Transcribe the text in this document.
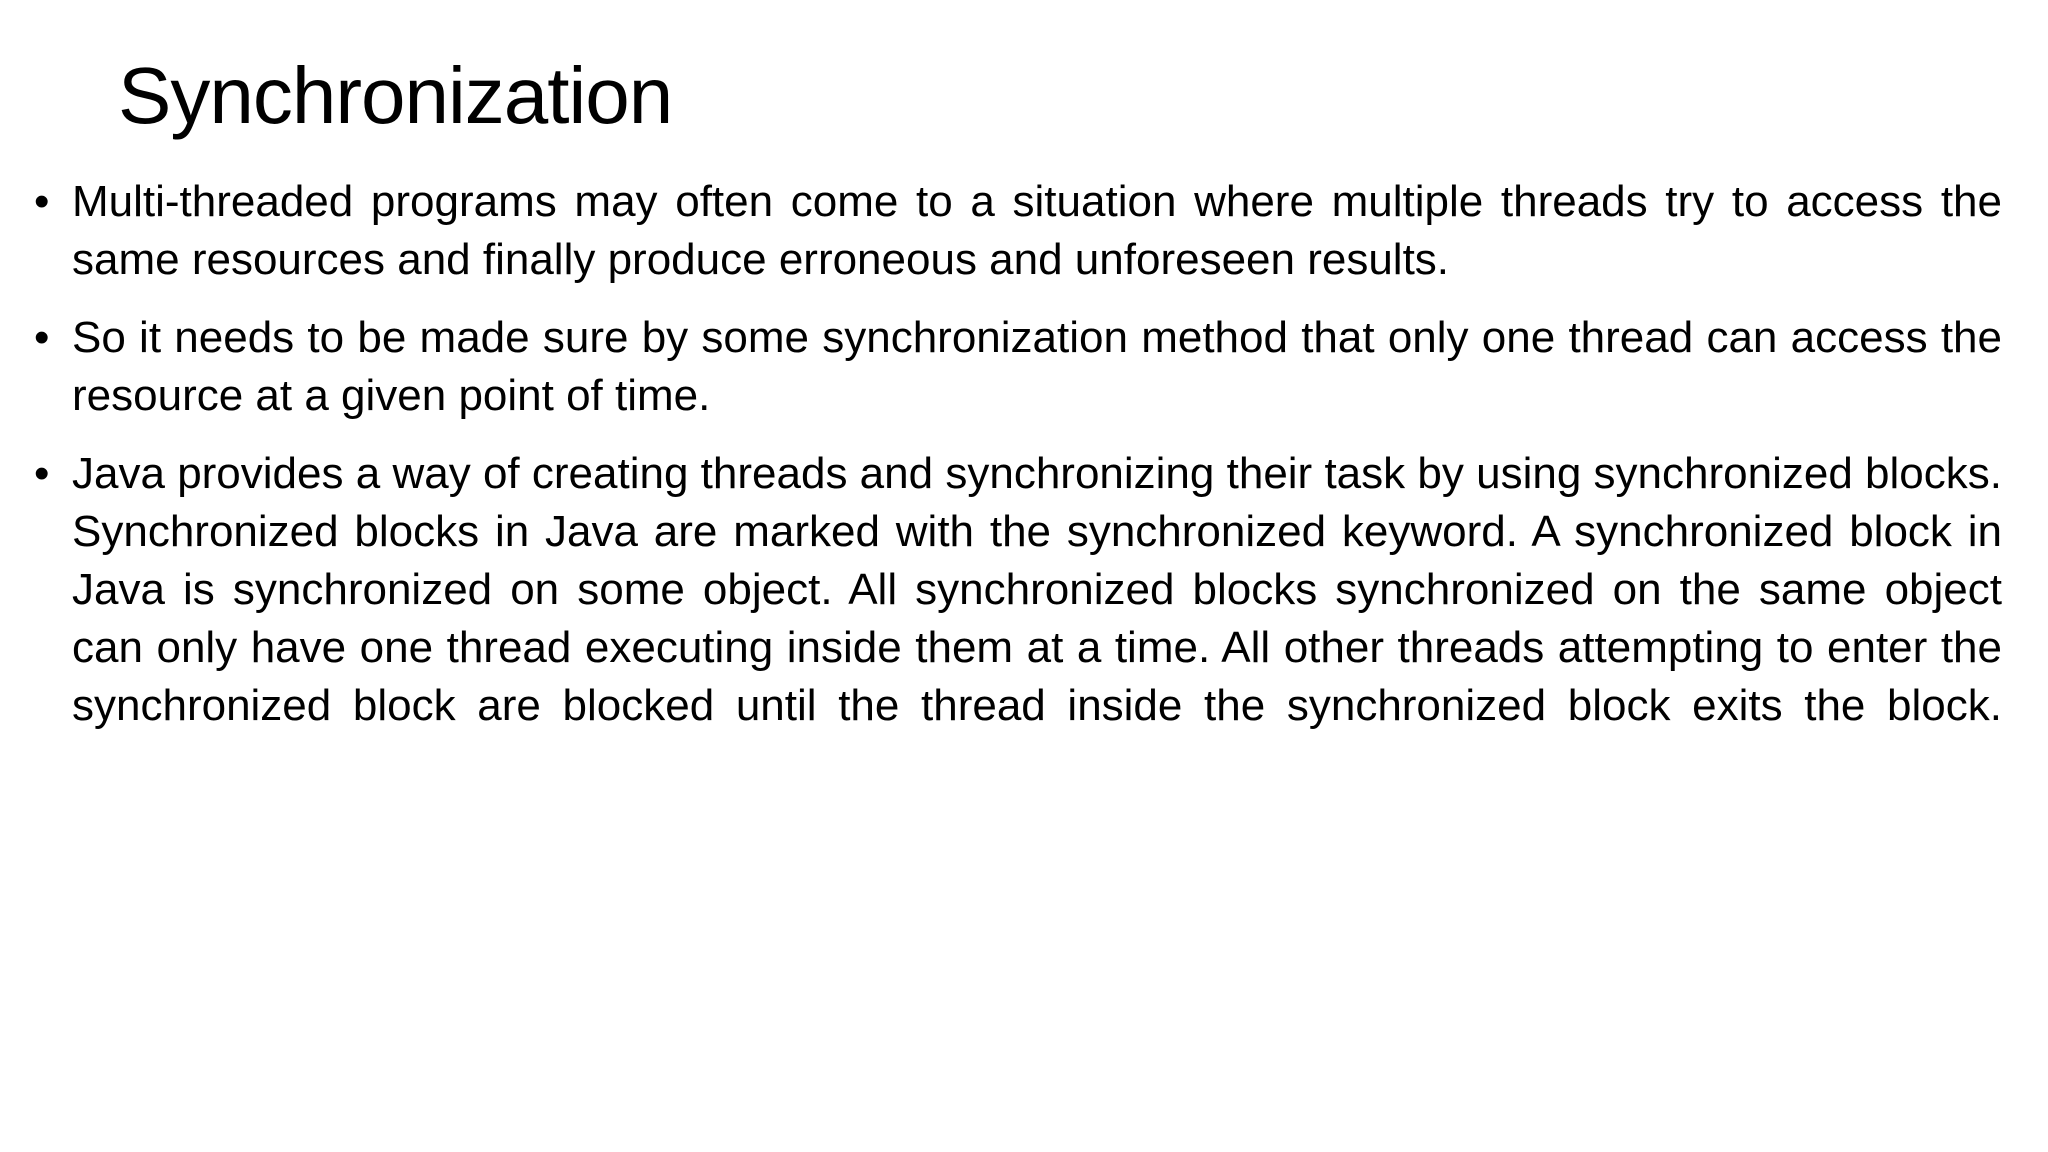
Synchronization
• Multi-threaded programs may often come to a situation where multiple threads try to access the same resources and finally produce erroneous and unforeseen results.
• So it needs to be made sure by some synchronization method that only one thread can access the resource at a given point of time.
• Java provides a way of creating threads and synchronizing their task by using synchronized blocks. Synchronized blocks in Java are marked with the synchronized keyword. A synchronized block in Java is synchronized on some object. All synchronized blocks synchronized on the same object can only have one thread executing inside them at a time. All other threads attempting to enter the synchronized block are blocked until the thread inside the synchronized block exits the block.
